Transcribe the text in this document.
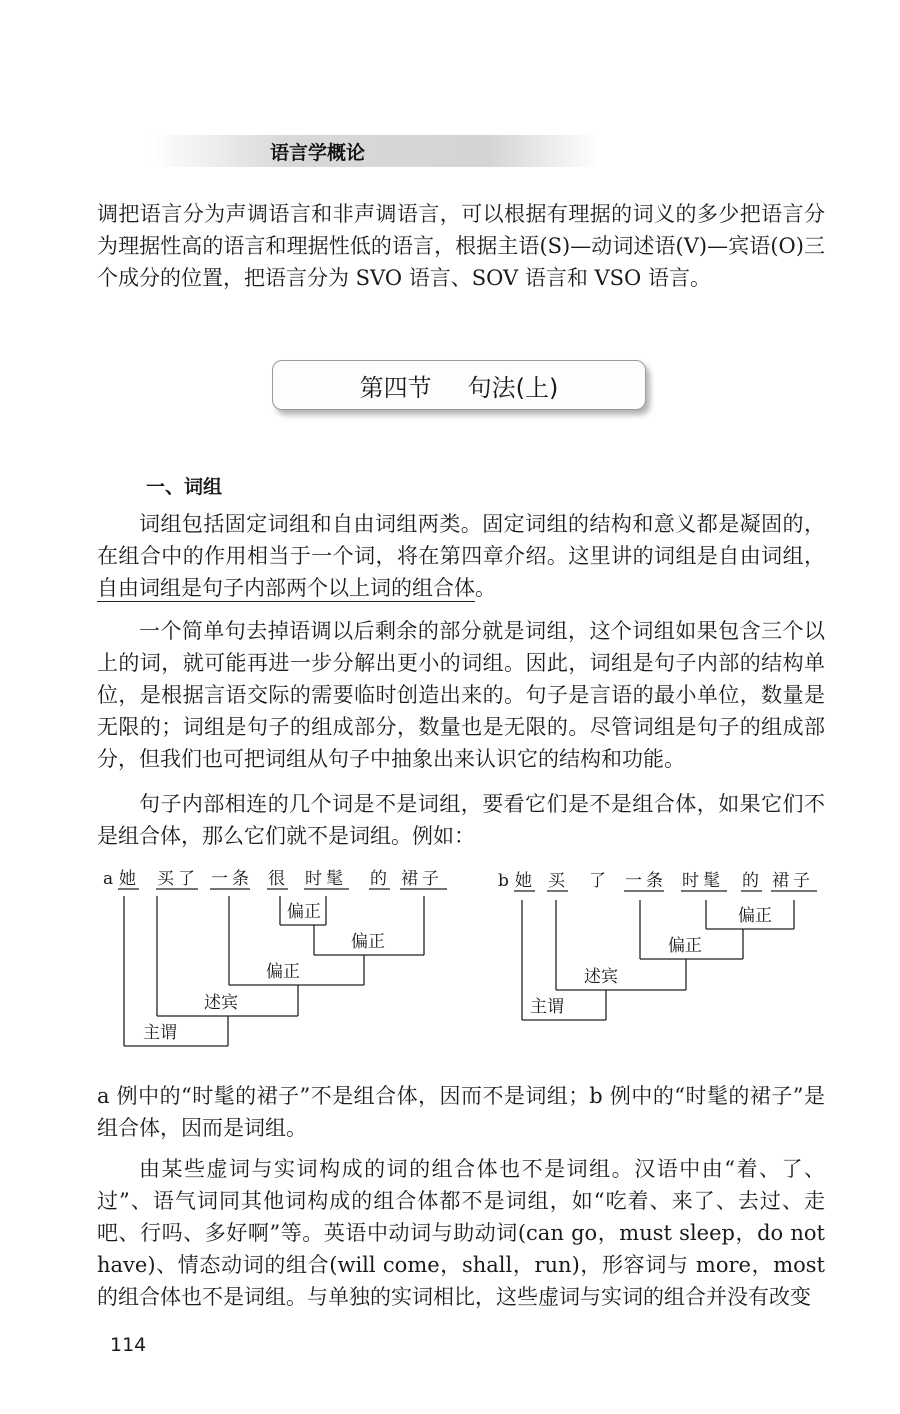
语言学概论

调把语言分为声调语言和非声调语言，可以根据有理据的词义的多少把语言分为理据性高的语言和理据性低的语言，根据主语(S)—动词述语(V)—宾语(O)三个成分的位置，把语言分为 SVO 语言、SOV 语言和 VSO 语言。

第四节 句法(上)
一、词组

词组包括固定词组和自由词组两类。固定词组的结构和意义都是凝固的，在组合中的作用相当于一个词，将在第四章介绍。这里讲的词组是自由词组，自由词组是句子内部两个以上词的组合体。

一个简单句去掉语调以后剩余的部分就是词组，这个词组如果包含三个以上的词，就可能再进一步分解出更小的词组。因此，词组是句子内部的结构单位，是根据言语交际的需要临时创造出来的。句子是言语的最小单位，数量是无限的；词组是句子的组成部分，数量也是无限的。尽管词组是句子的组成部分，但我们也可把词组从句子中抽象出来认识它的结构和功能。

句子内部相连的几个词是不是词组，要看它们是不是组合体，如果它们不是组合体，那么它们就不是词组。例如：

a 她 买了 一条 很 时髦 的 裙子
偏正
偏正
偏正
述宾
主谓
b 她 买 了 一条 时髦 的 裙子
偏正
偏正
述宾
主谓

a 例中的“时髦的裙子”不是组合体，因而不是词组；b 例中的“时髦的裙子”是组合体，因而是词组。

由某些虚词与实词构成的词的组合体也不是词组。汉语中由“着、了、过”、语气词同其他词构成的组合体都不是词组，如“吃着、来了、去过、走吧、行吗、多好啊”等。英语中动词与助动词(can go，must sleep，do not have)、情态动词的组合(will come，shall，run)，形容词与 more，most 的组合体也不是词组。与单独的实词相比，这些虚词与实词的组合并没有改变

114
